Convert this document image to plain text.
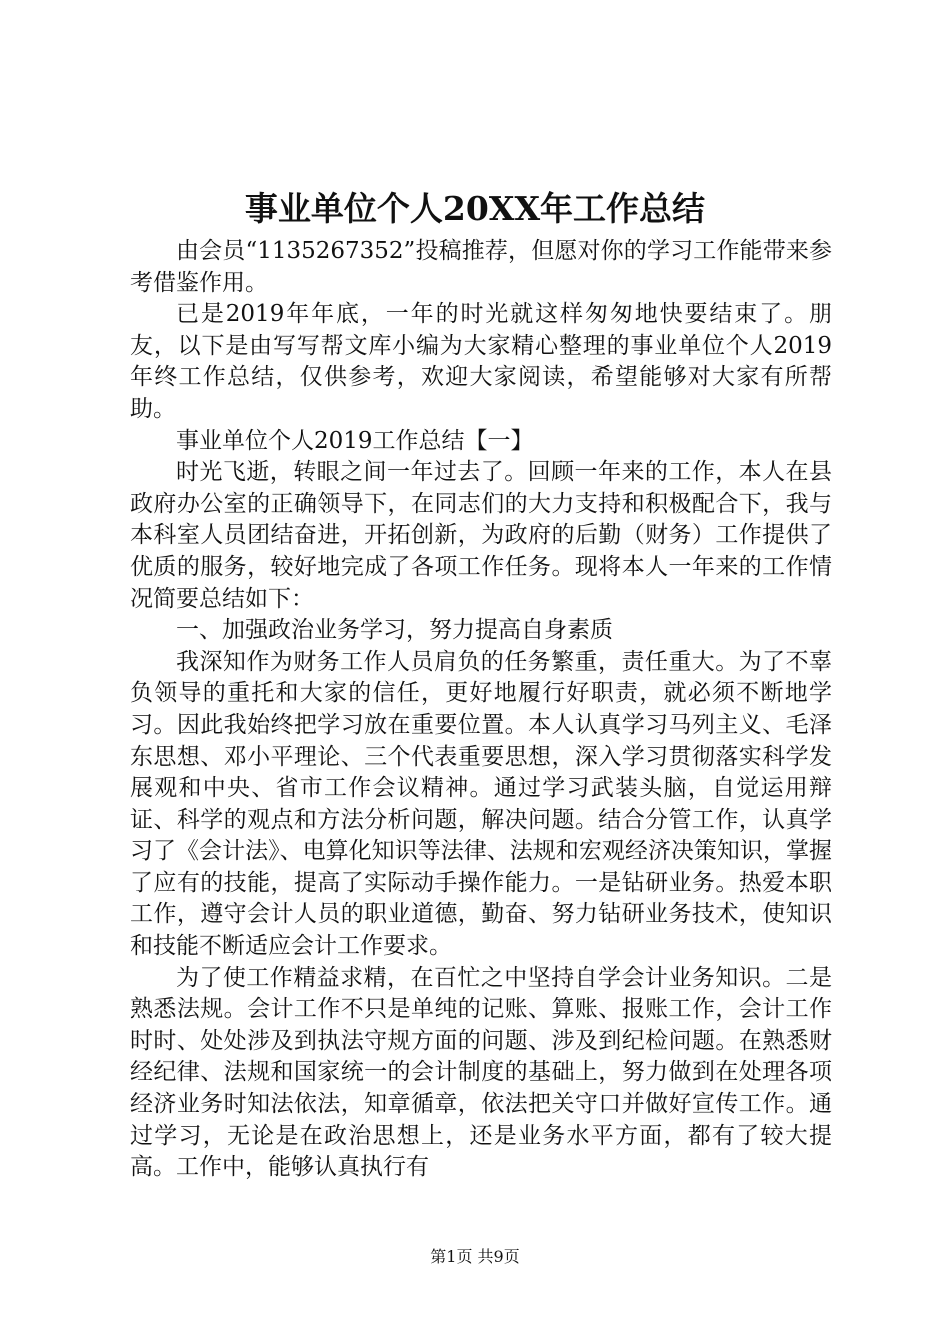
事业单位个人20XX年工作总结

由会员“1135267352”投稿推荐，但愿对你的学习工作能带来参考借鉴作用。

已是2019年年底，一年的时光就这样匆匆地快要结束了。朋友，以下是由写写帮文库小编为大家精心整理的事业单位个人2019年终工作总结，仅供参考，欢迎大家阅读，希望能够对大家有所帮助。

事业单位个人2019工作总结【一】

时光飞逝，转眼之间一年过去了。回顾一年来的工作，本人在县政府办公室的正确领导下，在同志们的大力支持和积极配合下，我与本科室人员团结奋进，开拓创新，为政府的后勤（财务）工作提供了优质的服务，较好地完成了各项工作任务。现将本人一年来的工作情况简要总结如下：

一、加强政治业务学习，努力提高自身素质

我深知作为财务工作人员肩负的任务繁重，责任重大。为了不辜负领导的重托和大家的信任，更好地履行好职责，就必须不断地学习。因此我始终把学习放在重要位置。本人认真学习马列主义、毛泽东思想、邓小平理论、三个代表重要思想，深入学习贯彻落实科学发展观和中央、省市工作会议精神。通过学习武装头脑，自觉运用辩证、科学的观点和方法分析问题，解决问题。结合分管工作，认真学习了《会计法》、电算化知识等法律、法规和宏观经济决策知识，掌握了应有的技能，提高了实际动手操作能力。一是钻研业务。热爱本职工作，遵守会计人员的职业道德，勤奋、努力钻研业务技术，使知识和技能不断适应会计工作要求。

为了使工作精益求精，在百忙之中坚持自学会计业务知识。二是熟悉法规。会计工作不只是单纯的记账、算账、报账工作，会计工作时时、处处涉及到执法守规方面的问题、涉及到纪检问题。在熟悉财经纪律、法规和国家统一的会计制度的基础上，努力做到在处理各项经济业务时知法依法，知章循章，依法把关守口并做好宣传工作。通过学习，无论是在政治思想上，还是业务水平方面，都有了较大提高。工作中，能够认真执行有

第1页 共9页
